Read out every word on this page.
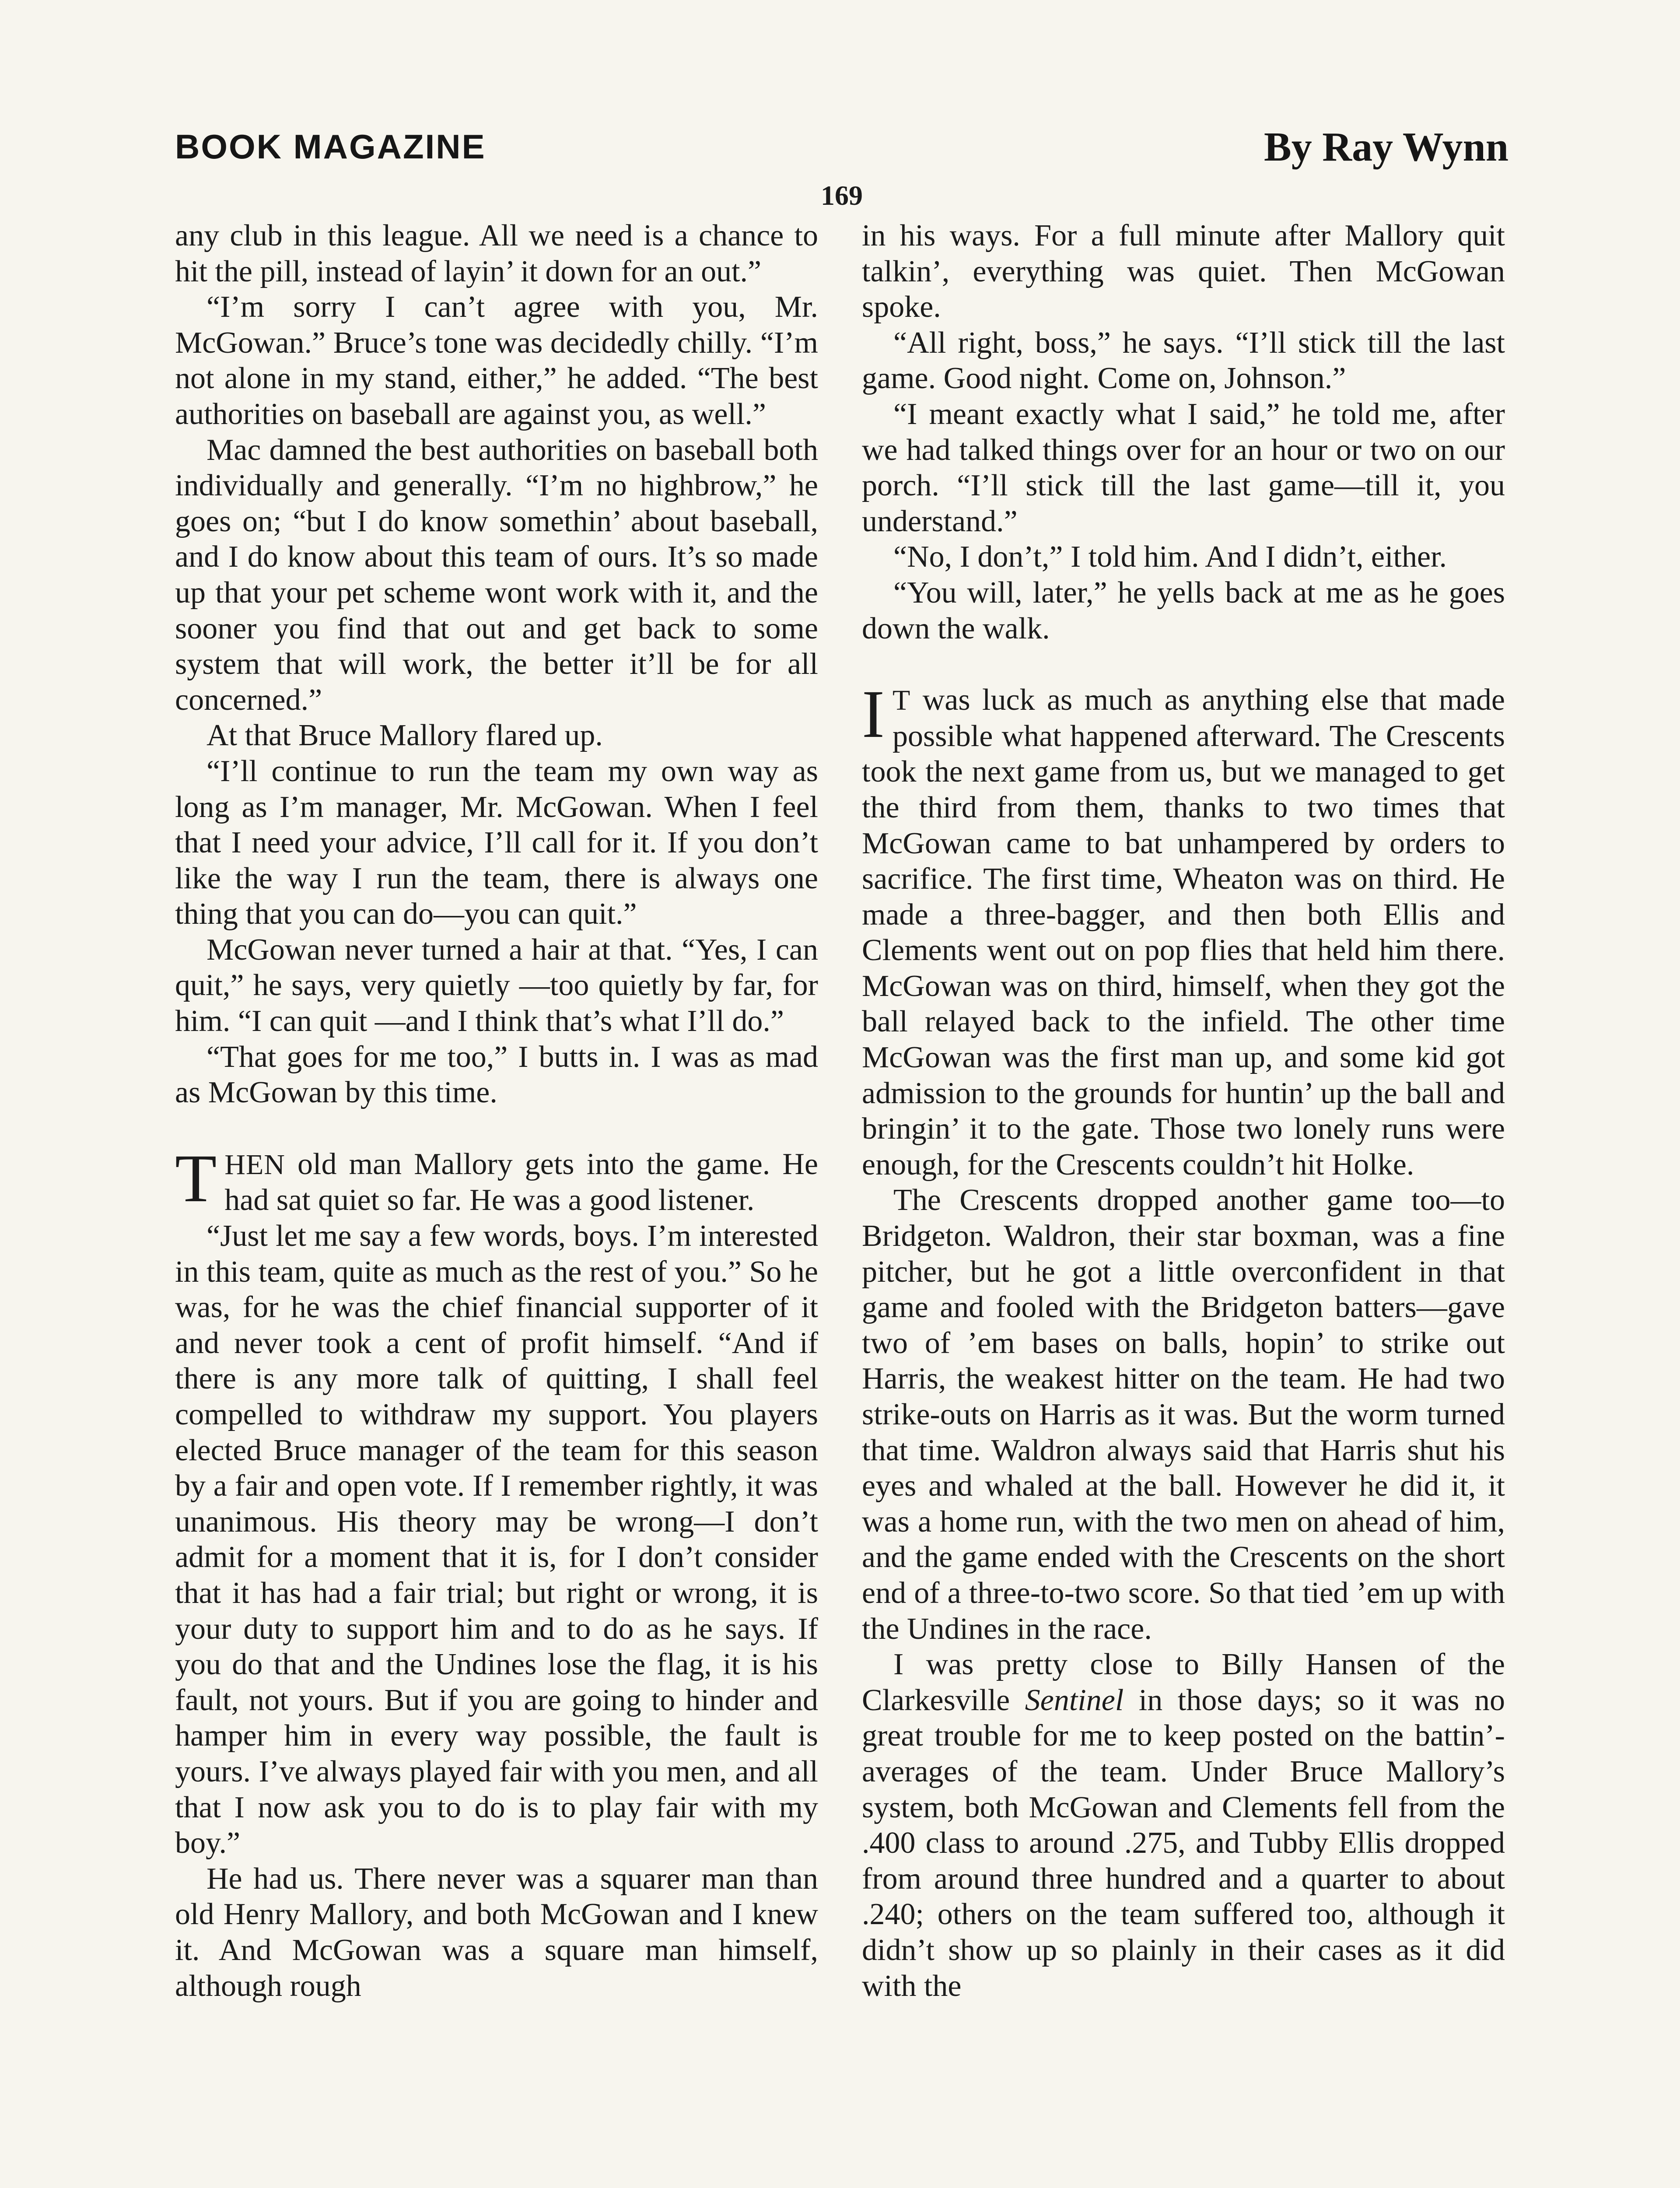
BOOK MAGAZINE	By Ray Wynn
169

any club in this league. All we need is a chance to hit the pill, instead of layin’ it down for an out.”

“I’m sorry I can’t agree with you, Mr. McGowan.” Bruce’s tone was decidedly chilly. “I’m not alone in my stand, either,” he added. “The best authorities on baseball are against you, as well.”

Mac damned the best authorities on baseball both individually and generally. “I’m no highbrow,” he goes on; “but I do know somethin’ about baseball, and I do know about this team of ours. It’s so made up that your pet scheme wont work with it, and the sooner you find that out and get back to some system that will work, the better it’ll be for all concerned.”

At that Bruce Mallory flared up.

“I’ll continue to run the team my own way as long as I’m manager, Mr. McGowan. When I feel that I need your advice, I’ll call for it. If you don’t like the way I run the team, there is always one thing that you can do—you can quit.”

McGowan never turned a hair at that. “Yes, I can quit,” he says, very quietly —too quietly by far, for him. “I can quit —and I think that’s what I’ll do.”

“That goes for me too,” I butts in. I was as mad as McGowan by this time.

THEN old man Mallory gets into the game. He had sat quiet so far. He was a good listener.

“Just let me say a few words, boys. I’m interested in this team, quite as much as the rest of you.” So he was, for he was the chief financial supporter of it and never took a cent of profit himself. “And if there is any more talk of quitting, I shall feel compelled to withdraw my support. You players elected Bruce manager of the team for this season by a fair and open vote. If I remember rightly, it was unanimous. His theory may be wrong—I don’t admit for a moment that it is, for I don’t consider that it has had a fair trial; but right or wrong, it is your duty to support him and to do as he says. If you do that and the Undines lose the flag, it is his fault, not yours. But if you are going to hinder and hamper him in every way possible, the fault is yours. I’ve always played fair with you men, and all that I now ask you to do is to play fair with my boy.”

He had us. There never was a squarer man than old Henry Mallory, and both McGowan and I knew it. And McGowan was a square man himself, although rough

in his ways. For a full minute after Mallory quit talkin’, everything was quiet. Then McGowan spoke.

“All right, boss,” he says. “I’ll stick till the last game. Good night. Come on, Johnson.”

“I meant exactly what I said,” he told me, after we had talked things over for an hour or two on our porch. “I’ll stick till the last game—till it, you understand.”

“No, I don’t,” I told him. And I didn’t, either.

“You will, later,” he yells back at me as he goes down the walk.

I T was luck as much as anything else that made possible what happened afterward. The Crescents took the next game from us, but we managed to get the third from them, thanks to two times that McGowan came to bat unhampered by orders to sacrifice. The first time, Wheaton was on third. He made a three-bagger, and then both Ellis and Clements went out on pop flies that held him there. McGowan was on third, himself, when they got the ball relayed back to the infield. The other time McGowan was the first man up, and some kid got admission to the grounds for huntin’ up the ball and bringin’ it to the gate. Those two lonely runs were enough, for the Crescents couldn’t hit Holke.

The Crescents dropped another game too—to Bridgeton. Waldron, their star boxman, was a fine pitcher, but he got a little overconfident in that game and fooled with the Bridgeton batters—gave two of ’em bases on balls, hopin’ to strike out Harris, the weakest hitter on the team. He had two strike-outs on Harris as it was. But the worm turned that time. Waldron always said that Harris shut his eyes and whaled at the ball. However he did it, it was a home run, with the two men on ahead of him, and the game ended with the Crescents on the short end of a three-to-two score. So that tied ’em up with the Undines in the race.

I was pretty close to Billy Hansen of the Clarkesville Sentinel in those days; so it was no great trouble for me to keep posted on the battin’-averages of the team. Under Bruce Mallory’s system, both McGowan and Clements fell from the .400 class to around .275, and Tubby Ellis dropped from around three hundred and a quarter to about .240; others on the team suffered too, although it didn’t show up so plainly in their cases as it did with the
